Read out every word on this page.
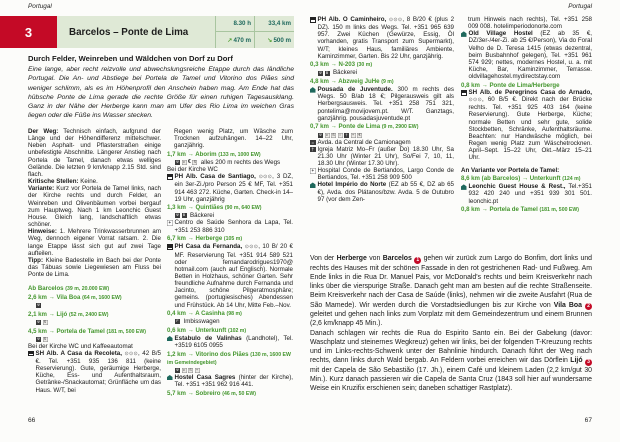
Portugal
3	Barcelos – Ponte de Lima
8.30 h	33,4 km
↗ 470 m	↘ 500 m
Durch Felder, Weinreben und Wäldchen von Dorf zu Dorf
Eine lange, aber recht reizvolle und abwechslungsreiche Etappe durch das ländliche Portugal. Die An- und Abstiege bei Portela de Tamel und Vitorino dos Piães sind weniger schlimm, als es im Höhenprofil den Anschein haben mag. Am Ende hat das hübsche Ponte de Lima gerade die rechte Größe für einen ruhigen Tagesausklang. Ganz in der Nähe der Herberge kann man am Ufer des Rio Lima im weichen Gras liegen oder die Füße ins Wasser stecken.
Der Weg: Technisch einfach, aufgrund der Länge und der Höhendifferenz mittelschwer. Neben Asphalt- und Pflasterstraßen einige unbefestigte Abschnitte. Längerer Anstieg nach Portela de Tamel, danach etwas welliges Gelände. Die letzten 9 km/knapp 2.15 Std. sind flach.
Kritische Stellen: Keine.
Variante: Kurz vor Portela de Tamel links, nach der Kirche rechts und durch Felder, an Weinreben und Olivenbäumen vorbei bergauf zum Hauptweg. Nach 1 km Leonchic Guest House. Gleich lang, landschaftlich etwas schöner.
Hinweise: 1. Mehrere Trinkwasserbrunnen am Weg, dennoch eigener Vorrat ratsam. 2. Die lange Etappe lässt sich gut auf zwei Tage aufteilen.
Tipp: Kleine Badestelle im Bach bei der Ponte das Tábuas sowie Liegewiesen am Fluss bei Ponte de Lima.
Ab Barcelos (39 m, 20.000 EW)
2,6 km → Vila Boa (64 m, 1600 EW)
Ψ
2,1 km → Lijó (52 m, 2400 EW)
Ψ	S
4,5 km → Portela de Tamel (181 m, 500 EW)
Ψ	S
Bei der Kirche WC und Kaffeeautomat
SH Alb. A Casa da Recoleta, ⊙⊙⊙, 42 B/5 €. Tel. +351 935 136 811 (keine Reservierung). Gute, geräumige Herberge, Küche, Ess- und Aufenthaltsraum, Getränke-/Snackautomat; Grünfläche um das Haus. W/T, bei
Regen wenig Platz, um Wäsche zum Trocknen aufzuhängen. 14–22 Uhr, ganzjährig.
1,7 km → Aborim (133 m, 1000 EW)
Ψ	c € S alles 200 m rechts des Wegs
Bei der Kirche WC
PH Alb. Casa de Santiago, ⊙⊙⊙, 3 DZ, ein 3er-Zi./pro Person 25 € MF, Tel. +351 914 463 272. Küche, Garten. Check-in 14–19 Uhr, ganzjährig
1,3 km → Quintiães (90 m, 640 EW)
Ψ	B Bäckerei
+ Centro de Saúde Senhora da Lapa, Tel. +351 253 886 310
6,7 km → Herberge (105 m)
PH Casa da Fernanda, ⊙⊙⊙, 10 B/ 20 € MF. Reservierung Tel. +351 914 589 521 oder fernandarodrigues1970@ hotmail.com (auch auf Englisch). Normale Betten in Holzhaus, schöner Garten. Sehr freundliche Aufnahme durch Fernanda und Jacinto, schöne Pilgeratmosphäre; gemeins. (portugiesisches) Abendessen und Frühstück. Ab 14 Uhr, Mitte Feb.–Nov.
0,4 km → A Casinha (98 m)
F Imbisswagen
0,6 km → Unterkunft (102 m)
Estabulo de Valinhas (Landhotel), Tel. +3519 6105 0955
1,2 km → Vitorino dos Piães (130 m, 1600 EW im Gemeindegebiet)
Ψ	c	S	+
Hostel Casa Sagres (hinter der Kirche), Tel. +351 +351 962 916 441.
5,7 km → Sobreiro (46 m, 50 EW)
66
Portugal
PH Alb. O Caminheiro, ⊙⊙⊙, 8 B/20 € (plus 2 DZ). 150 m links des Wegs. Tel. +351 965 639 957. Zwei Küchen (Gewürze, Essig, Öl vorhanden, gratis Transport zum Supermarkt), W/T; kleines Haus, familiäres Ambiente, Kaminzimmer, Garten. Bis 22 Uhr, ganzjährig.
0,3 km → N-203 (30 m)
Ψ	B Bäckerei
4,8 km → Abzweig JuHe (9 m)
Pousada de Juventude. 300 m rechts des Wegs. 50 B/ab 18 €; Pilgerausweis gilt als Herbergsausweis. Tel. +351 258 751 321, pontelima@movijovem.pt. W/T. Ganztags, ganzjährig. pousadasjuventude.pt
0,7 km → Ponte de Lima (9 m, 2900 EW)
Ψ	c	S	i	†	+	€
= Avda. da Central de Camionagem
† Igreja Matriz Mo–Fr (außer Do) 18.30 Uhr, Sa 21.30 Uhr (Winter 21 Uhr), So/Fei 7, 10, 11, 18.30 Uhr (Winter 17.30 Uhr).
+ Hospital Conde de Bertiandos, Largo Conde de Bertiandos, Tel. +351 258 909 500
Hotel Império do Norte (EZ ab 55 €, DZ ab 65 €), Avda. dos Plátanos/bzw. Avda. 5 de Outubro 97 (vor dem Zen-
trum Hinweis nach rechts), Tel. +351 258 009 008. hotelimperiodonorte.com
Old Village Hostel (EZ ab 35 €, DZ/3er-/4er-Zi. ab 25 €/Person), Via do Foral Velho de D. Teresa 1415 (etwas dezentral, beim Busbahnhof gelegen), Tel. +351 961 574 929; nettes, modernes Hostel, u. a. mit Küche, Bar, Kaminzimmer, Terrasse. oldvillagehostel.mydirectstay.com
0,8 km → Ponte de Lima/Herberge
SH Alb. de Peregrinos Casa do Arnado, ⊙⊙⊙, 60 B/5 €. Direkt nach der Brücke rechts. Tel. +351 925 403 164 (keine Reservierung). Gute Herberge, Küche; normale Betten und sehr gute, solide Stockbetten, Schränke, Aufenthaltsräume. Beachten: nur Handwäsche möglich, bei Regen wenig Platz zum Wäschetrocknen. April–Sept. 15–22 Uhr, Okt.–März 15–21 Uhr.
An Variante vor Portela de Tamel:
8,6 km (ab Barcelos) → Unterkunft (124 m)
Leonchic Guest House & Rest., Tel.+351 932 420 240 und +351 939 301 501. leonchic.pt
0,8 km → Portela de Tamel (181 m, 500 EW)
Von der Herberge von Barcelos 1 gehen wir zurück zum Largo do Bonfim, dort links und rechts des Hauses mit der schönen Fassade in den rot gestrichenen Rad- und Fußweg. Am Ende links in die Rua Dr. Manuel Pais, vor McDonald's rechts und beim Kreisverkehr nach links über die vierspurige Straße. Danach geht man am besten auf die rechte Straßenseite. Beim Kreisverkehr nach der Casa de Saúde (links), nehmen wir die zweite Ausfahrt (Rua de São Mamede). Wir werden durch die Vorstadtsiedlungen bis zur Kirche von Vila Boa 2 geleitet und gehen nach links zum Vorplatz mit dem Gemeindezentrum und einem Brunnen (2,6 km/knapp 45 Min.).
Danach schlagen wir rechts die Rua do Espirito Santo ein. Bei der Gabelung (davor: Waschplatz und steinernes Wegkreuz) gehen wir links, bei der folgenden T-Kreuzung rechts und im Links-rechts-Schwenk unter der Bahnlinie hindurch. Danach führt der Weg nach rechts, dann links durch Wald bergab. An Feldern vorbei erreichen wir das Dörflein Lijó 3 mit der Capela de São Sebastião (17. Jh.), einem Café und kleinem Laden (2,2 km/gut 30 Min.). Kurz danach passieren wir die Capela de Santa Cruz (1843 soll hier auf wundersame Weise ein Kruzifix erschienen sein; daneben schattiger Rastplatz).
67
